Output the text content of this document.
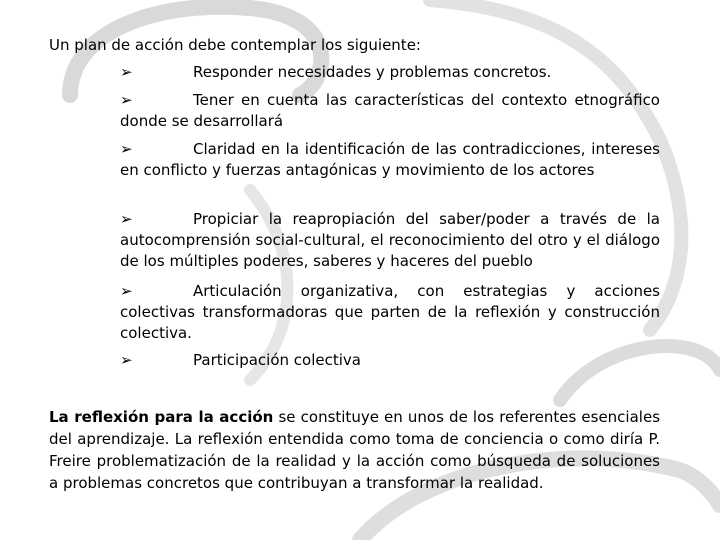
Un plan de acción debe contemplar los siguiente:
➢	Responder necesidades y problemas concretos.
➢	Tener en cuenta las características del contexto etnográfico donde se desarrollará
➢	Claridad en la identificación de las contradicciones, intereses en conflicto y fuerzas antagónicas y movimiento de los actores
➢	Propiciar la reapropiación del saber/poder a través de la autocomprensión social-cultural, el reconocimiento del otro y el diálogo de los múltiples poderes, saberes y haceres del pueblo
➢	Articulación organizativa, con estrategias y acciones colectivas transformadoras que parten de la reflexión y construcción colectiva.
➢	Participación colectiva
La reflexión para la acción se constituye en unos de los referentes esenciales del aprendizaje. La reflexión entendida como toma de conciencia o como diría P. Freire problematización de la realidad y la acción como búsqueda de soluciones a problemas concretos que contribuyan a transformar la realidad.
